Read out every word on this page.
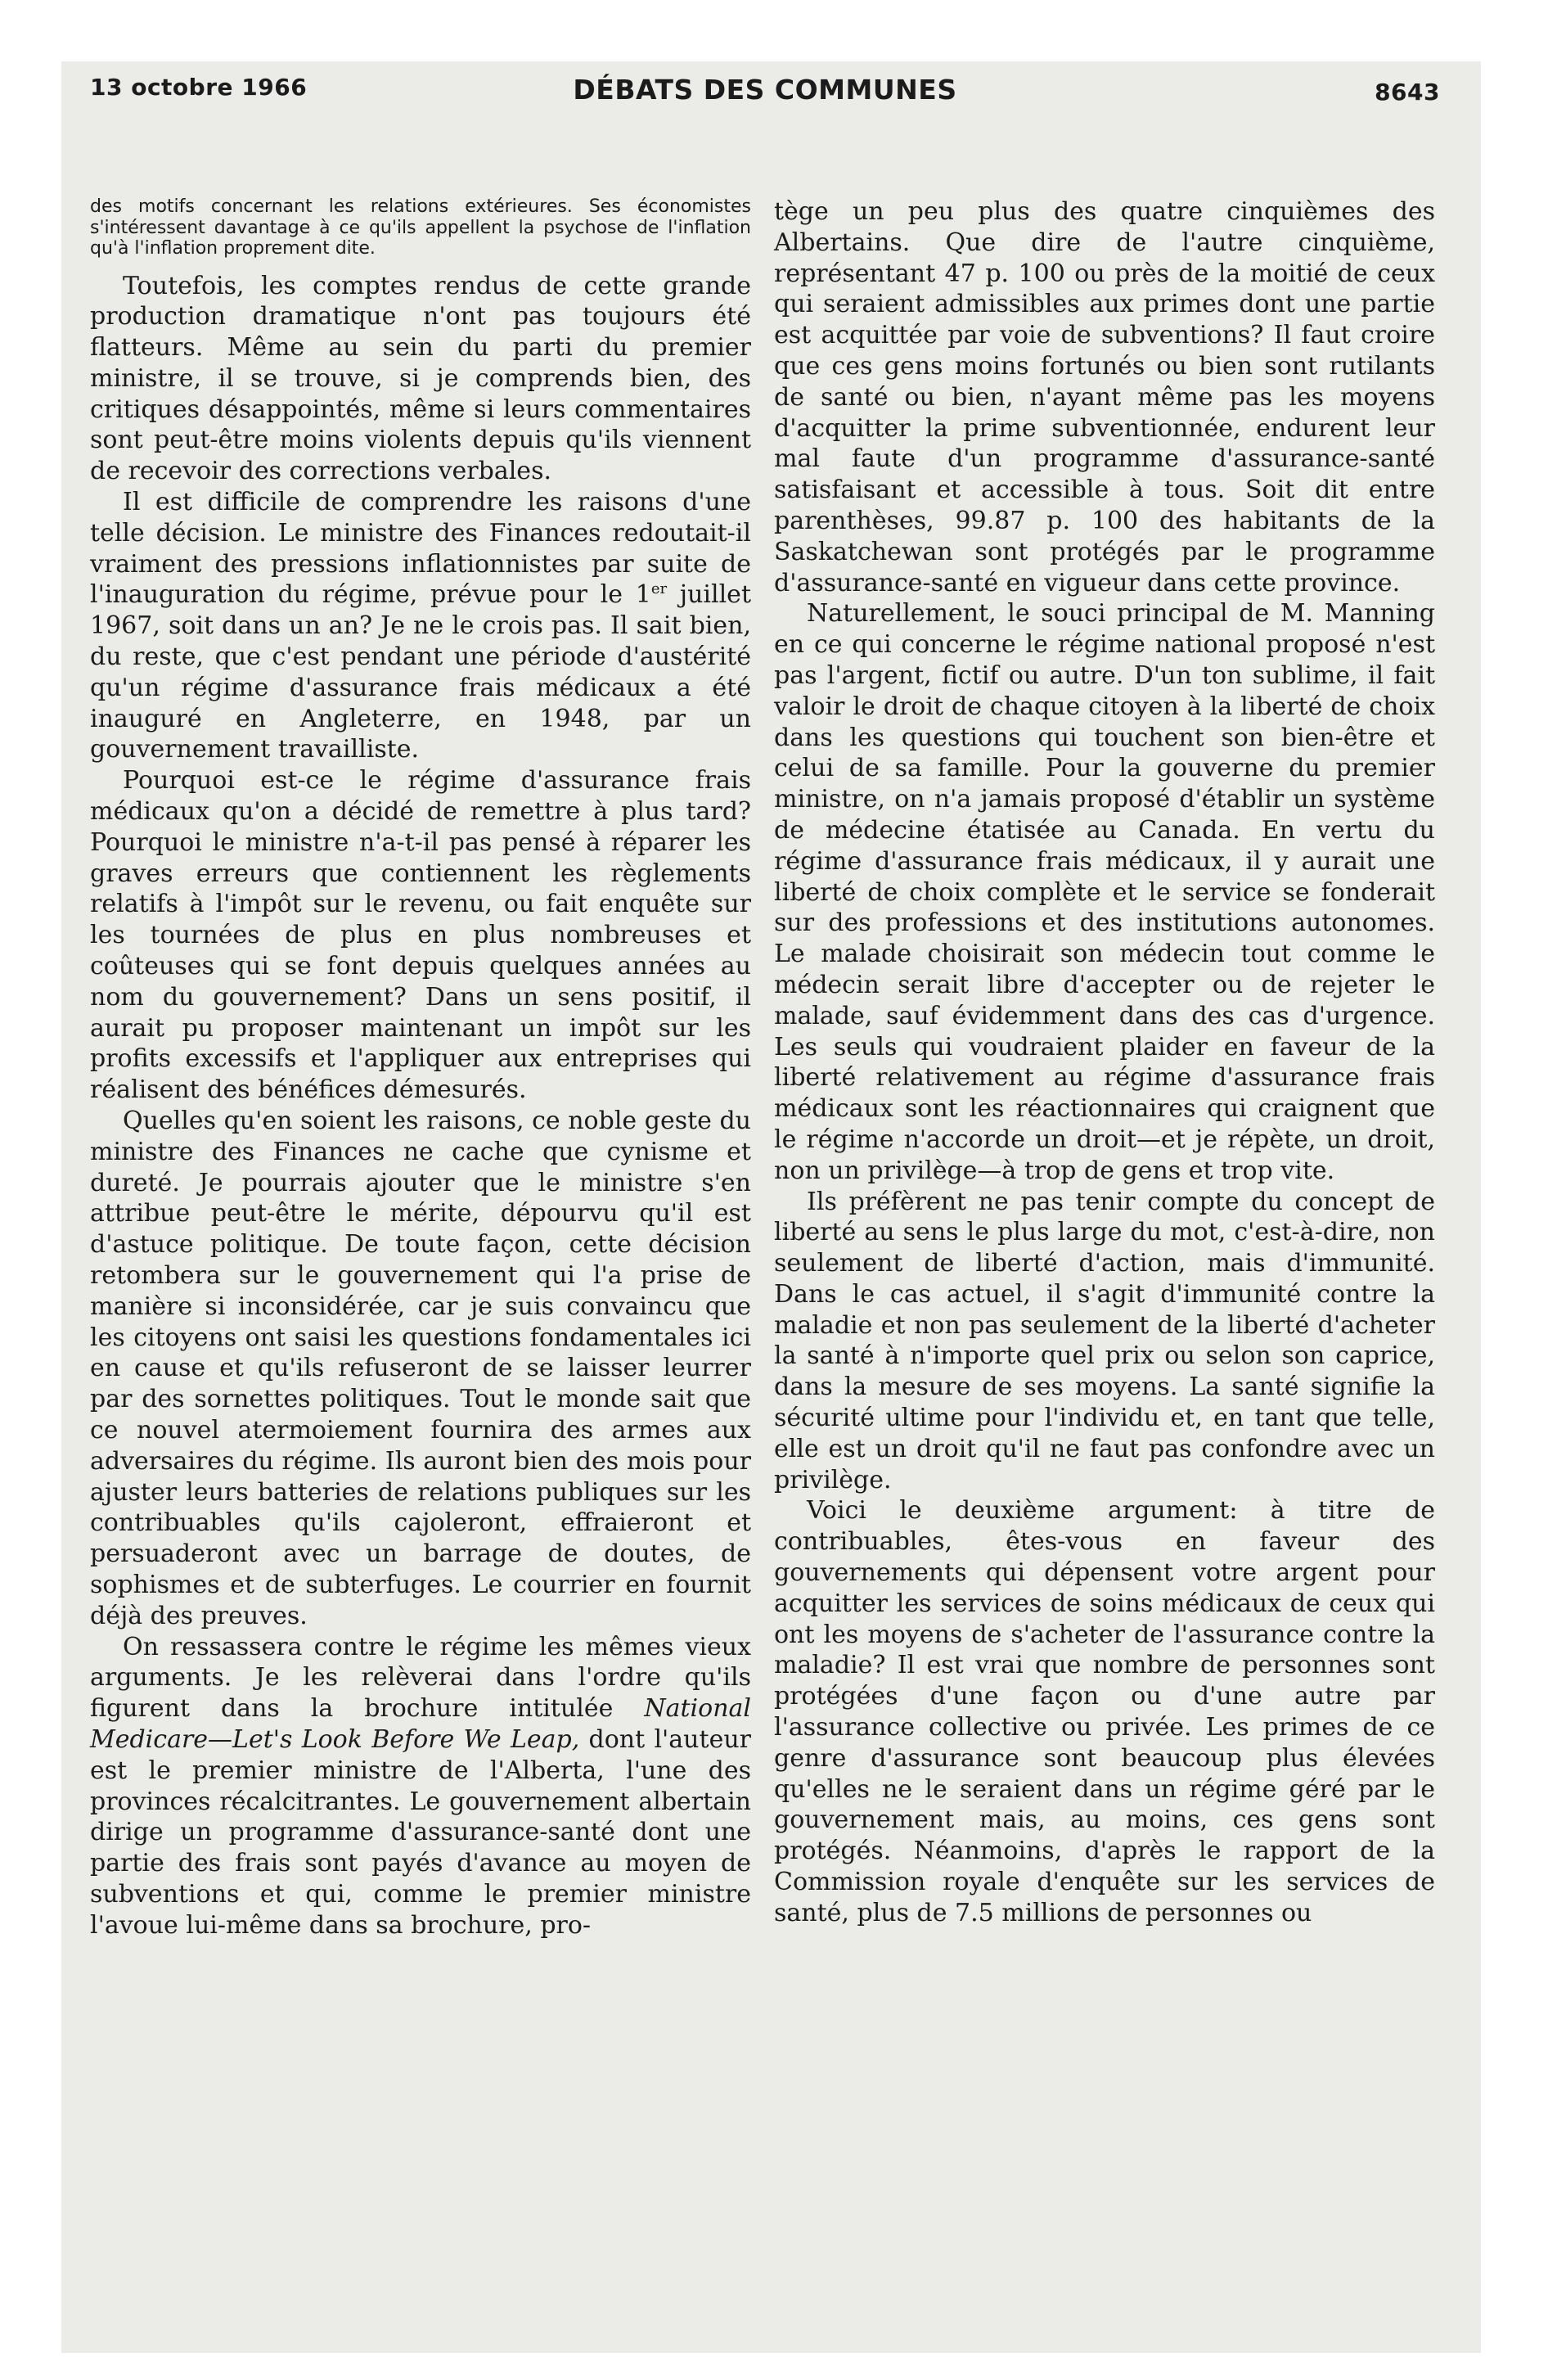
13 octobre 1966	DÉBATS DES COMMUNES	8643

des motifs concernant les relations extérieures. Ses économistes s'intéressent davantage à ce qu'ils appellent la psychose de l'inflation qu'à l'inflation proprement dite.

Toutefois, les comptes rendus de cette grande production dramatique n'ont pas toujours été flatteurs. Même au sein du parti du premier ministre, il se trouve, si je comprends bien, des critiques désappointés, même si leurs commentaires sont peut-être moins violents depuis qu'ils viennent de recevoir des corrections verbales.

Il est difficile de comprendre les raisons d'une telle décision. Le ministre des Finances redoutait-il vraiment des pressions inflationnistes par suite de l'inauguration du régime, prévue pour le 1er juillet 1967, soit dans un an? Je ne le crois pas. Il sait bien, du reste, que c'est pendant une période d'austérité qu'un régime d'assurance frais médicaux a été inauguré en Angleterre, en 1948, par un gouvernement travailliste.

Pourquoi est-ce le régime d'assurance frais médicaux qu'on a décidé de remettre à plus tard? Pourquoi le ministre n'a-t-il pas pensé à réparer les graves erreurs que contiennent les règlements relatifs à l'impôt sur le revenu, ou fait enquête sur les tournées de plus en plus nombreuses et coûteuses qui se font depuis quelques années au nom du gouvernement? Dans un sens positif, il aurait pu proposer maintenant un impôt sur les profits excessifs et l'appliquer aux entreprises qui réalisent des bénéfices démesurés.

Quelles qu'en soient les raisons, ce noble geste du ministre des Finances ne cache que cynisme et dureté. Je pourrais ajouter que le ministre s'en attribue peut-être le mérite, dépourvu qu'il est d'astuce politique. De toute façon, cette décision retombera sur le gouvernement qui l'a prise de manière si inconsidérée, car je suis convaincu que les citoyens ont saisi les questions fondamentales ici en cause et qu'ils refuseront de se laisser leurrer par des sornettes politiques. Tout le monde sait que ce nouvel atermoiement fournira des armes aux adversaires du régime. Ils auront bien des mois pour ajuster leurs batteries de relations publiques sur les contribuables qu'ils cajoleront, effraieront et persuaderont avec un barrage de doutes, de sophismes et de subterfuges. Le courrier en fournit déjà des preuves.

On ressassera contre le régime les mêmes vieux arguments. Je les relèverai dans l'ordre qu'ils figurent dans la brochure intitulée National Medicare—Let's Look Before We Leap, dont l'auteur est le premier ministre de l'Alberta, l'une des provinces récalcitrantes. Le gouvernement albertain dirige un programme d'assurance-santé dont une partie des frais sont payés d'avance au moyen de subventions et qui, comme le premier ministre l'avoue lui-même dans sa brochure, pro-

tège un peu plus des quatre cinquièmes des Albertains. Que dire de l'autre cinquième, représentant 47 p. 100 ou près de la moitié de ceux qui seraient admissibles aux primes dont une partie est acquittée par voie de subventions? Il faut croire que ces gens moins fortunés ou bien sont rutilants de santé ou bien, n'ayant même pas les moyens d'acquitter la prime subventionnée, endurent leur mal faute d'un programme d'assurance-santé satisfaisant et accessible à tous. Soit dit entre parenthèses, 99.87 p. 100 des habitants de la Saskatchewan sont protégés par le programme d'assurance-santé en vigueur dans cette province.

Naturellement, le souci principal de M. Manning en ce qui concerne le régime national proposé n'est pas l'argent, fictif ou autre. D'un ton sublime, il fait valoir le droit de chaque citoyen à la liberté de choix dans les questions qui touchent son bien-être et celui de sa famille. Pour la gouverne du premier ministre, on n'a jamais proposé d'établir un système de médecine étatisée au Canada. En vertu du régime d'assurance frais médicaux, il y aurait une liberté de choix complète et le service se fonderait sur des professions et des institutions autonomes. Le malade choisirait son médecin tout comme le médecin serait libre d'accepter ou de rejeter le malade, sauf évidemment dans des cas d'urgence. Les seuls qui voudraient plaider en faveur de la liberté relativement au régime d'assurance frais médicaux sont les réactionnaires qui craignent que le régime n'accorde un droit—et je répète, un droit, non un privilège—à trop de gens et trop vite.

Ils préfèrent ne pas tenir compte du concept de liberté au sens le plus large du mot, c'est-à-dire, non seulement de liberté d'action, mais d'immunité. Dans le cas actuel, il s'agit d'immunité contre la maladie et non pas seulement de la liberté d'acheter la santé à n'importe quel prix ou selon son caprice, dans la mesure de ses moyens. La santé signifie la sécurité ultime pour l'individu et, en tant que telle, elle est un droit qu'il ne faut pas confondre avec un privilège.

Voici le deuxième argument: à titre de contribuables, êtes-vous en faveur des gouvernements qui dépensent votre argent pour acquitter les services de soins médicaux de ceux qui ont les moyens de s'acheter de l'assurance contre la maladie? Il est vrai que nombre de personnes sont protégées d'une façon ou d'une autre par l'assurance collective ou privée. Les primes de ce genre d'assurance sont beaucoup plus élevées qu'elles ne le seraient dans un régime géré par le gouvernement mais, au moins, ces gens sont protégés. Néanmoins, d'après le rapport de la Commission royale d'enquête sur les services de santé, plus de 7.5 millions de personnes ou
